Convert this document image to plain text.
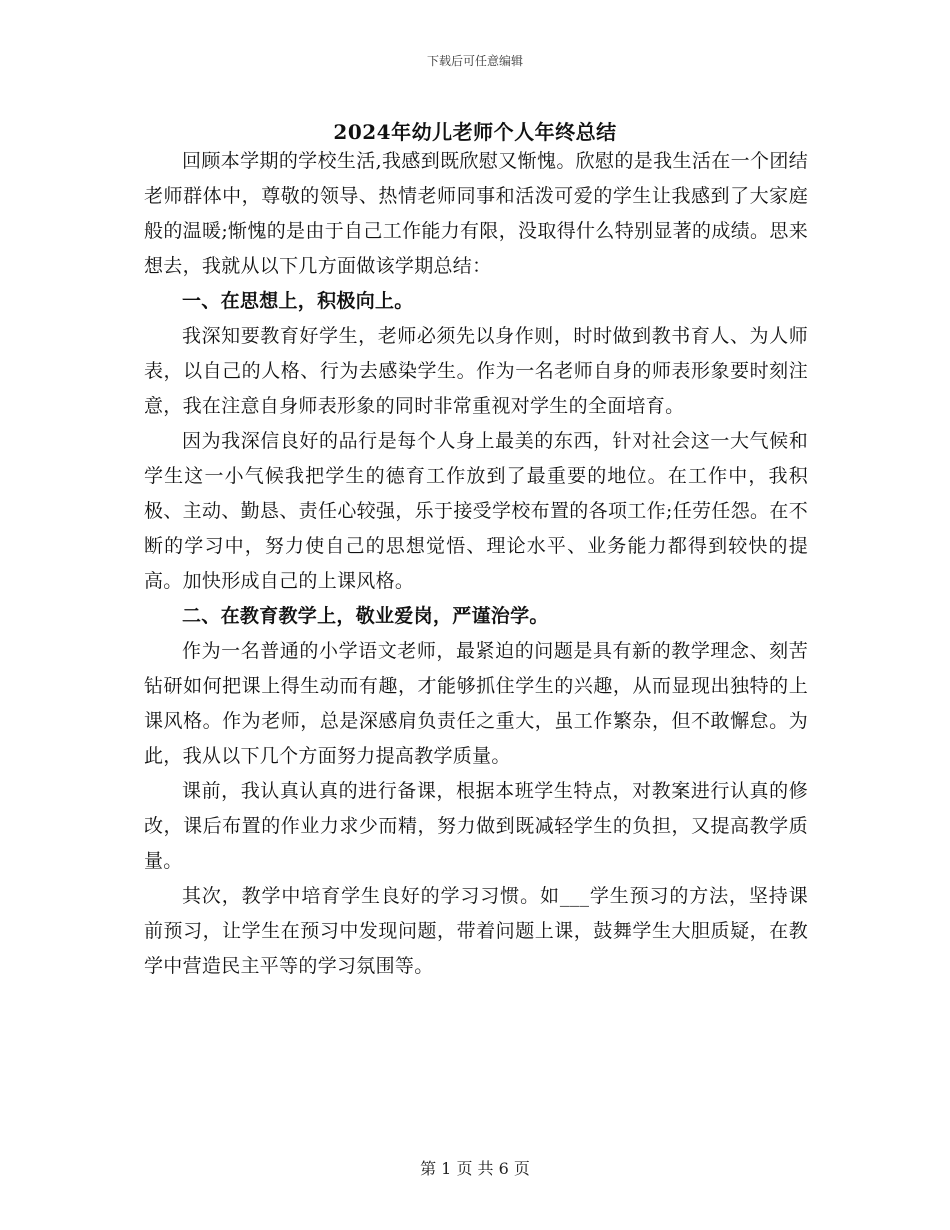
下载后可任意编辑
2024年幼儿老师个人年终总结

回顾本学期的学校生活,我感到既欣慰又惭愧。欣慰的是我生活在一个团结老师群体中，尊敬的领导、热情老师同事和活泼可爱的学生让我感到了大家庭般的温暖;惭愧的是由于自己工作能力有限，没取得什么特别显著的成绩。思来想去，我就从以下几方面做该学期总结：

一、在思想上，积极向上。

我深知要教育好学生，老师必须先以身作则，时时做到教书育人、为人师表，以自己的人格、行为去感染学生。作为一名老师自身的师表形象要时刻注意，我在注意自身师表形象的同时非常重视对学生的全面培育。

因为我深信良好的品行是每个人身上最美的东西，针对社会这一大气候和学生这一小气候我把学生的德育工作放到了最重要的地位。在工作中，我积极、主动、勤恳、责任心较强，乐于接受学校布置的各项工作;任劳任怨。在不断的学习中，努力使自己的思想觉悟、理论水平、业务能力都得到较快的提高。加快形成自己的上课风格。

二、在教育教学上，敬业爱岗，严谨治学。

作为一名普通的小学语文老师，最紧迫的问题是具有新的教学理念、刻苦钻研如何把课上得生动而有趣，才能够抓住学生的兴趣，从而显现出独特的上课风格。作为老师，总是深感肩负责任之重大，虽工作繁杂，但不敢懈怠。为此，我从以下几个方面努力提高教学质量。

课前，我认真认真的进行备课，根据本班学生特点，对教案进行认真的修改，课后布置的作业力求少而精，努力做到既减轻学生的负担，又提高教学质量。

其次，教学中培育学生良好的学习习惯。如___学生预习的方法，坚持课前预习，让学生在预习中发现问题，带着问题上课，鼓舞学生大胆质疑，在教学中营造民主平等的学习氛围等。

第 1 页 共 6 页
